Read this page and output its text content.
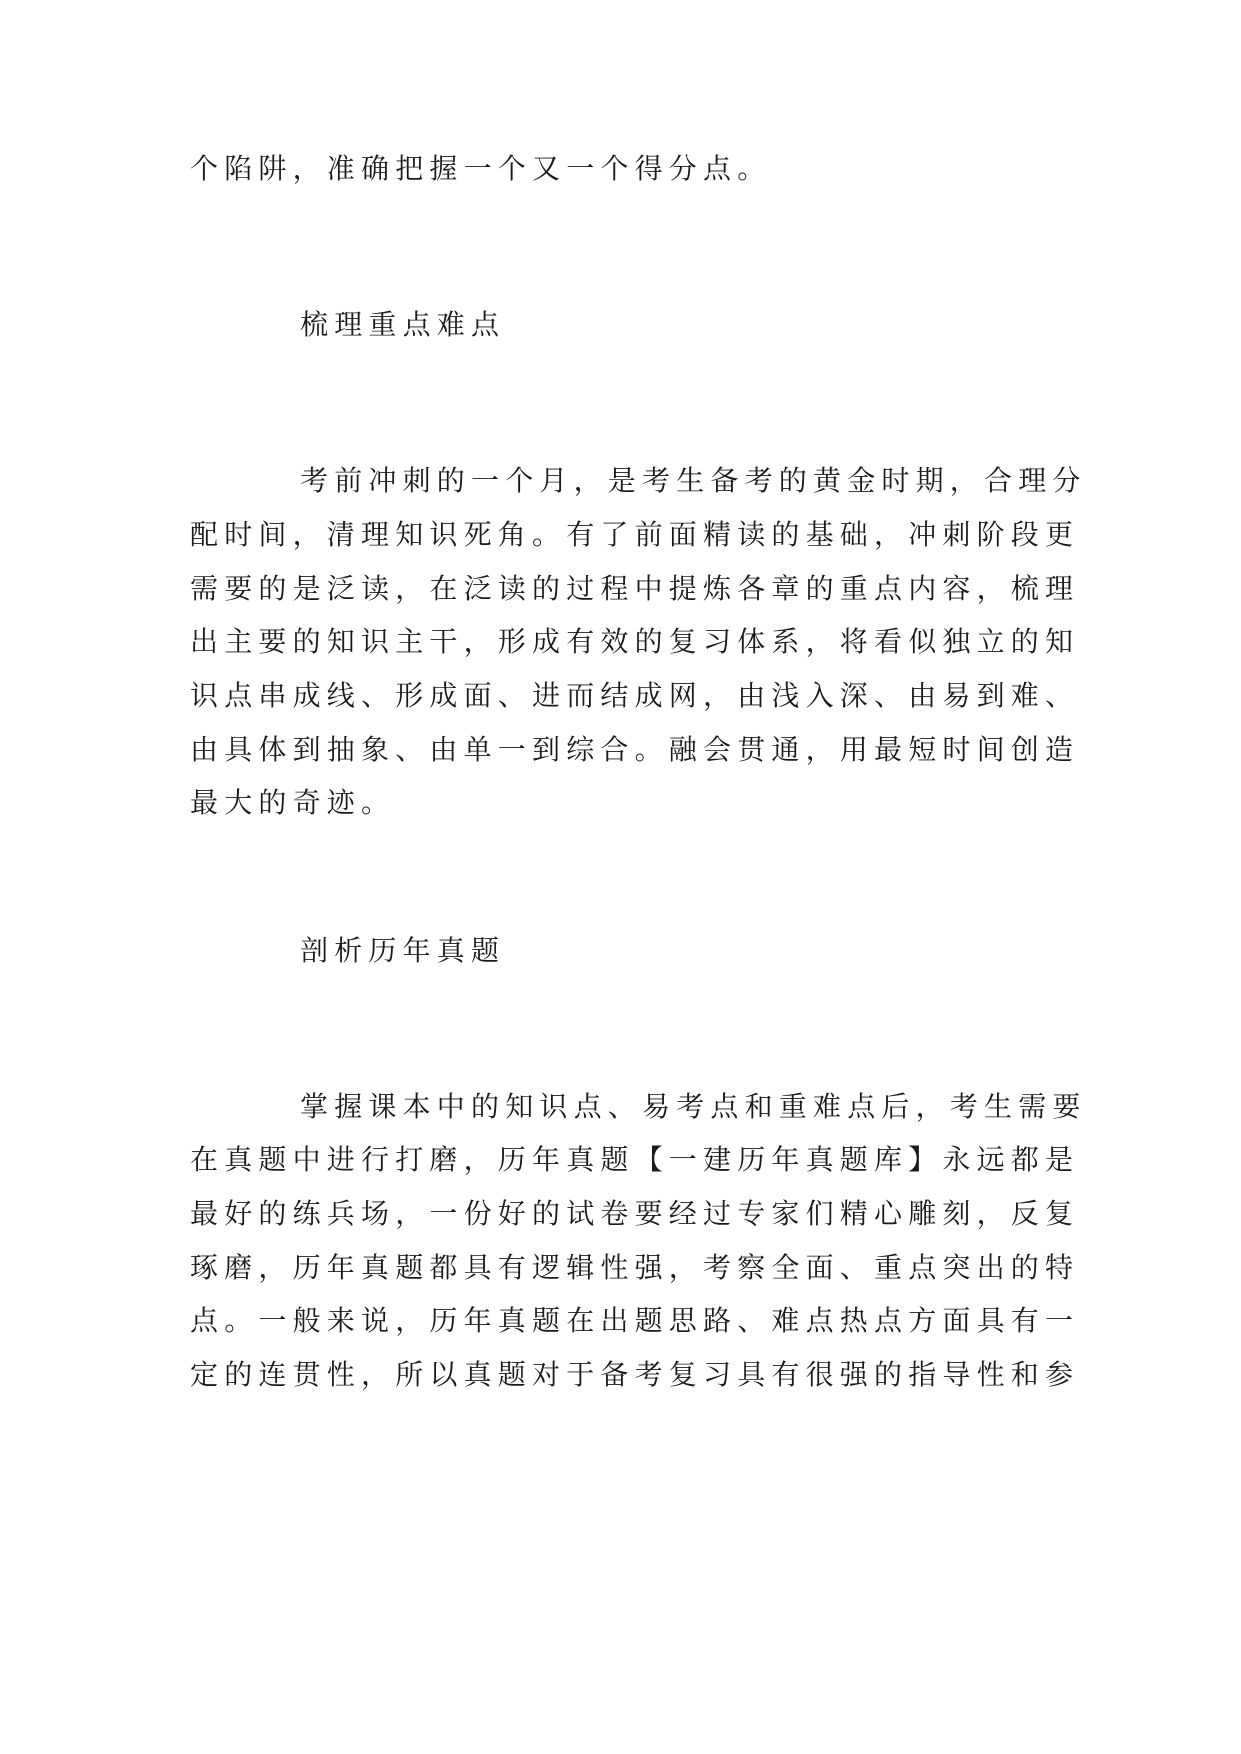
个陷阱，准确把握一个又一个得分点。
梳理重点难点
考前冲刺的一个月，是考生备考的黄金时期，合理分
配时间，清理知识死角。有了前面精读的基础，冲刺阶段更
需要的是泛读，在泛读的过程中提炼各章的重点内容，梳理
出主要的知识主干，形成有效的复习体系，将看似独立的知
识点串成线、形成面、进而结成网，由浅入深、由易到难、
由具体到抽象、由单一到综合。融会贯通，用最短时间创造
最大的奇迹。
剖析历年真题
掌握课本中的知识点、易考点和重难点后，考生需要
在真题中进行打磨，历年真题【一建历年真题库】永远都是
最好的练兵场，一份好的试卷要经过专家们精心雕刻，反复
琢磨，历年真题都具有逻辑性强，考察全面、重点突出的特
点。一般来说，历年真题在出题思路、难点热点方面具有一
定的连贯性，所以真题对于备考复习具有很强的指导性和参
